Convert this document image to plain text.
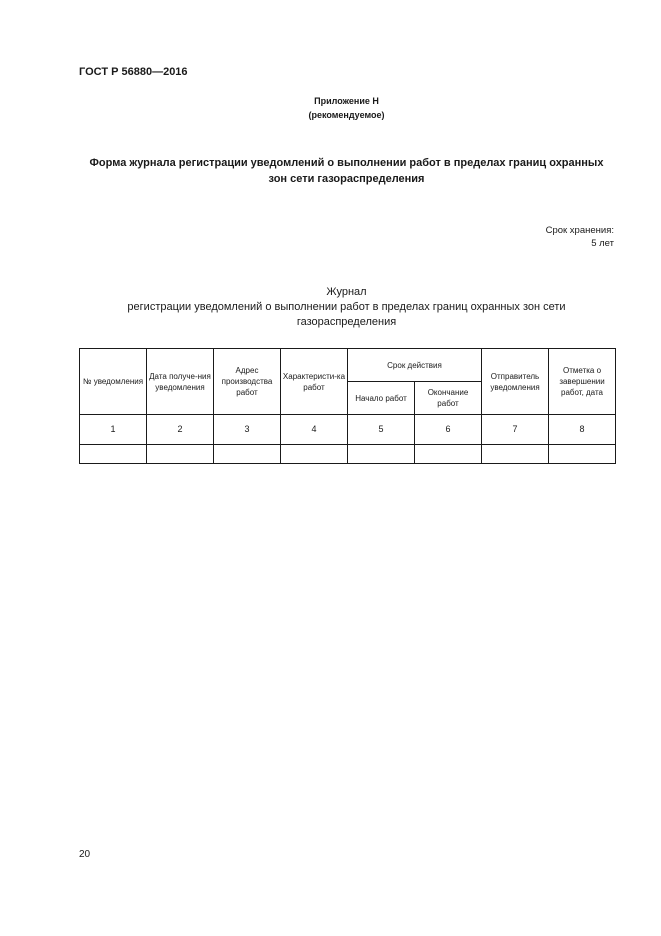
ГОСТ Р 56880—2016
Приложение Н
(рекомендуемое)
Форма журнала регистрации уведомлений о выполнении работ в пределах границ охранных
зон сети газораспределения
Срок хранения:
5 лет
Журнал
регистрации уведомлений о выполнении работ в пределах границ охранных зон сети
газораспределения
№ уведомления	Дата получе-ния уведомления	Адрес производства работ	Характеристи-ка работ	Срок действия		Отправитель уведомления	Отметка о завершении работ, дата
				Начало работ	Окончание работ		
1	2	3	4	5	6	7	8

20
